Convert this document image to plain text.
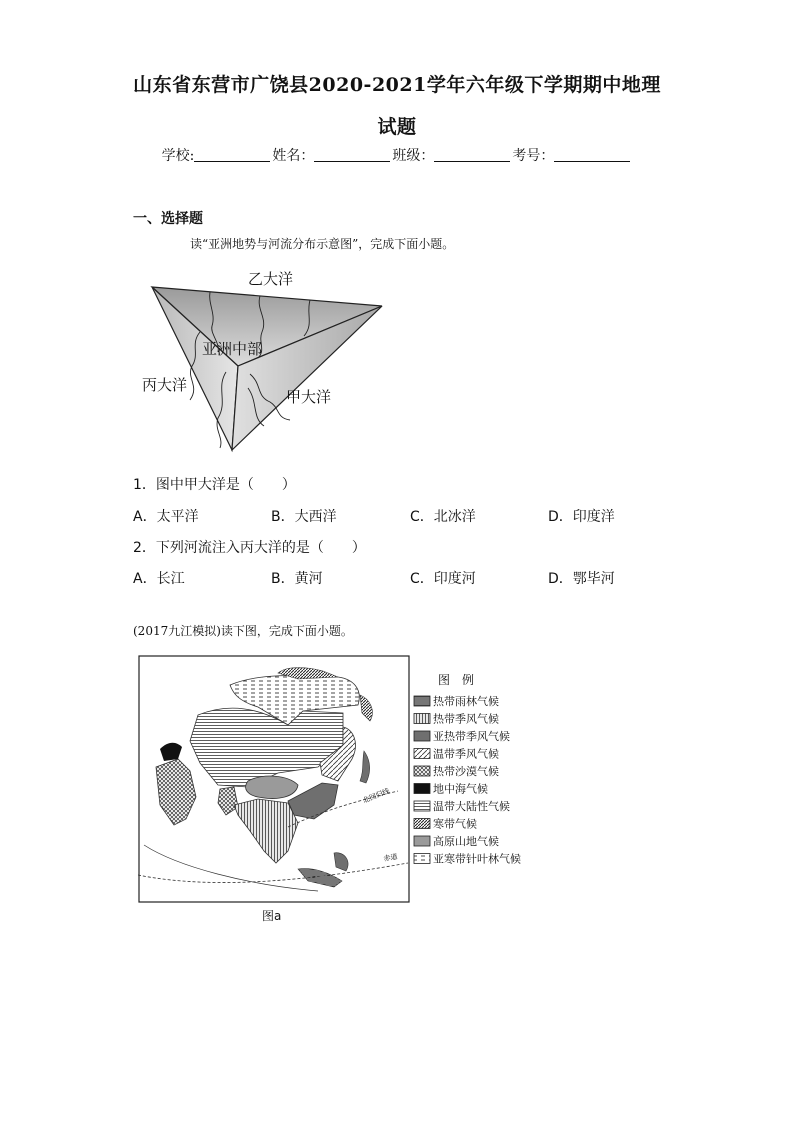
山东省东营市广饶县2020-2021学年六年级下学期期中地理
试题
学校:	姓名：	班级：	考号：
一、选择题
读“亚洲地势与河流分布示意图”，完成下面小题。
乙大洋
亚洲中部
丙大洋
甲大洋
1．图中甲大洋是（　　）
A．太平洋	B．大西洋	C．北冰洋	D．印度洋
2．下列河流注入丙大洋的是（　　）
A．长江	B．黄河	C．印度河	D．鄂毕河
(2017九江模拟)读下图，完成下面小题。
北回归线
赤道
图　例
热带雨林气候
热带季风气候
亚热带季风气候
温带季风气候
热带沙漠气候
地中海气候
温带大陆性气候
寒带气候
高原山地气候
亚寒带针叶林气候
图a
